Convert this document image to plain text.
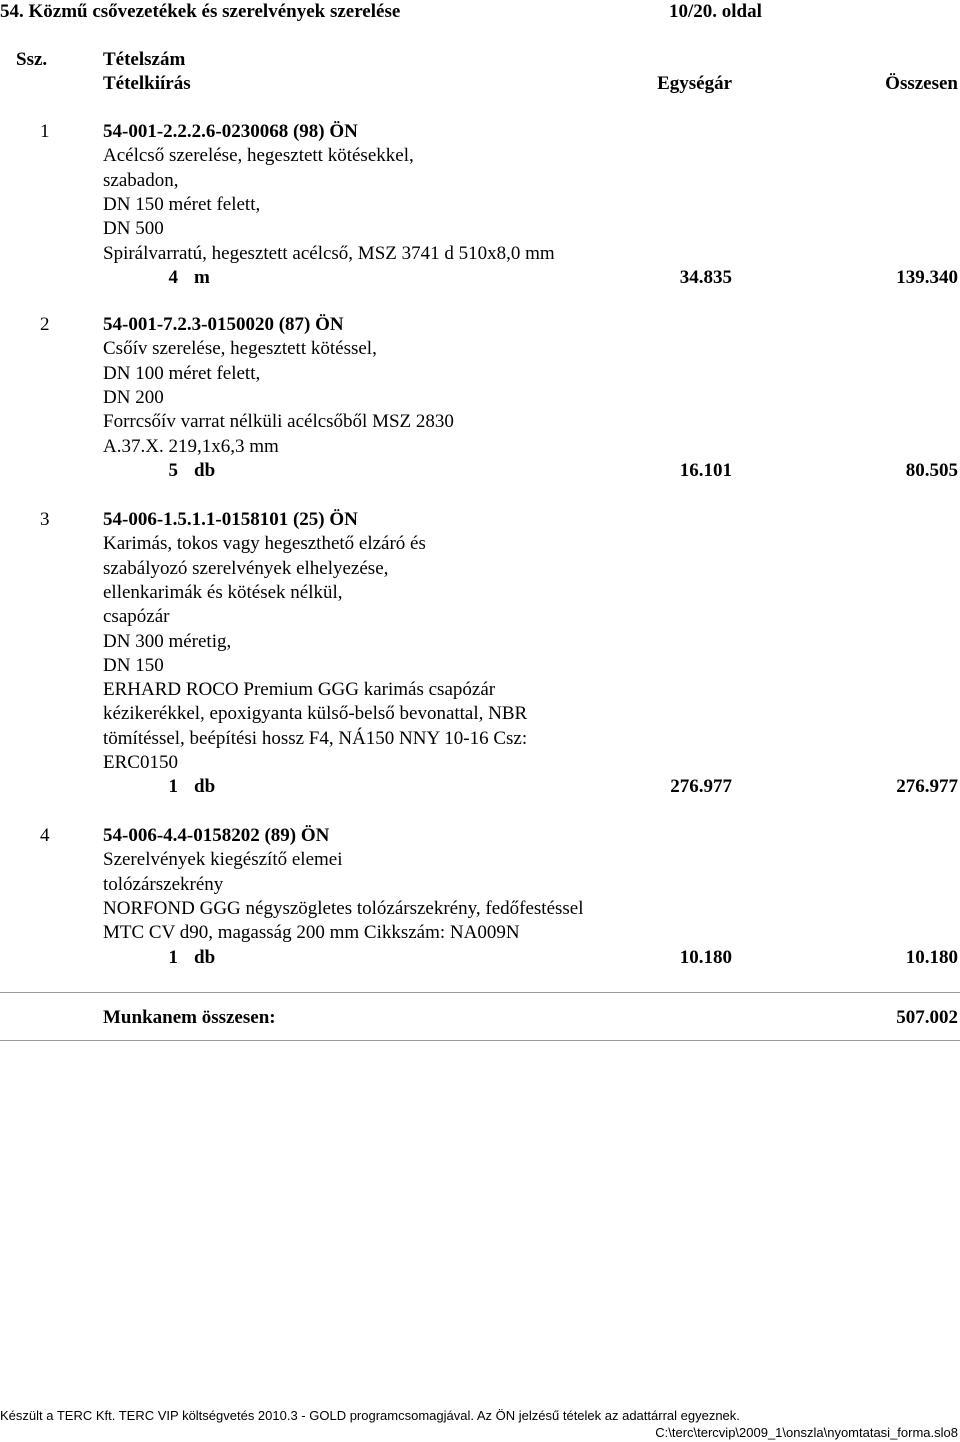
54. Közmű csővezetékek és szerelvények szerelése	10/20. oldal
Ssz.	Tételszám
Tételkiírás	Egységár	Összesen
1	54-001-2.2.2.6-0230068 (98) ÖN
Acélcső szerelése, hegesztett kötésekkel,
szabadon,
DN 150 méret felett,
DN 500
Spirálvarratú, hegesztett acélcső, MSZ 3741 d 510x8,0 mm
4 m	34.835	139.340
2	54-001-7.2.3-0150020 (87) ÖN
Csőív szerelése, hegesztett kötéssel,
DN 100 méret felett,
DN 200
Forrcsőív varrat nélküli acélcsőből MSZ 2830
A.37.X. 219,1x6,3 mm
5 db	16.101	80.505
3	54-006-1.5.1.1-0158101 (25) ÖN
Karimás, tokos vagy hegeszthető elzáró és
szabályozó szerelvények elhelyezése,
ellenkarimák és kötések nélkül,
csapózár
DN 300 méretig,
DN 150
ERHARD ROCO Premium GGG karimás csapózár
kézikerékkel, epoxigyanta külső-belső bevonattal, NBR
tömítéssel, beépítési hossz F4, NÁ150 NNY 10-16 Csz:
ERC0150
1 db	276.977	276.977
4	54-006-4.4-0158202 (89) ÖN
Szerelvények kiegészítő elemei
tolózárszekrény
NORFOND GGG négyszögletes tolózárszekrény, fedőfestéssel
MTC CV d90, magasság 200 mm Cikkszám: NA009N
1 db	10.180	10.180
Munkanem összesen:	507.002
Készült a TERC Kft. TERC VIP költségvetés 2010.3 - GOLD programcsomagjával. Az ÖN jelzésű tételek az adattárral egyeznek.
C:\terc\tercvip\2009_1\onszla\nyomtatasi_forma.slo8
